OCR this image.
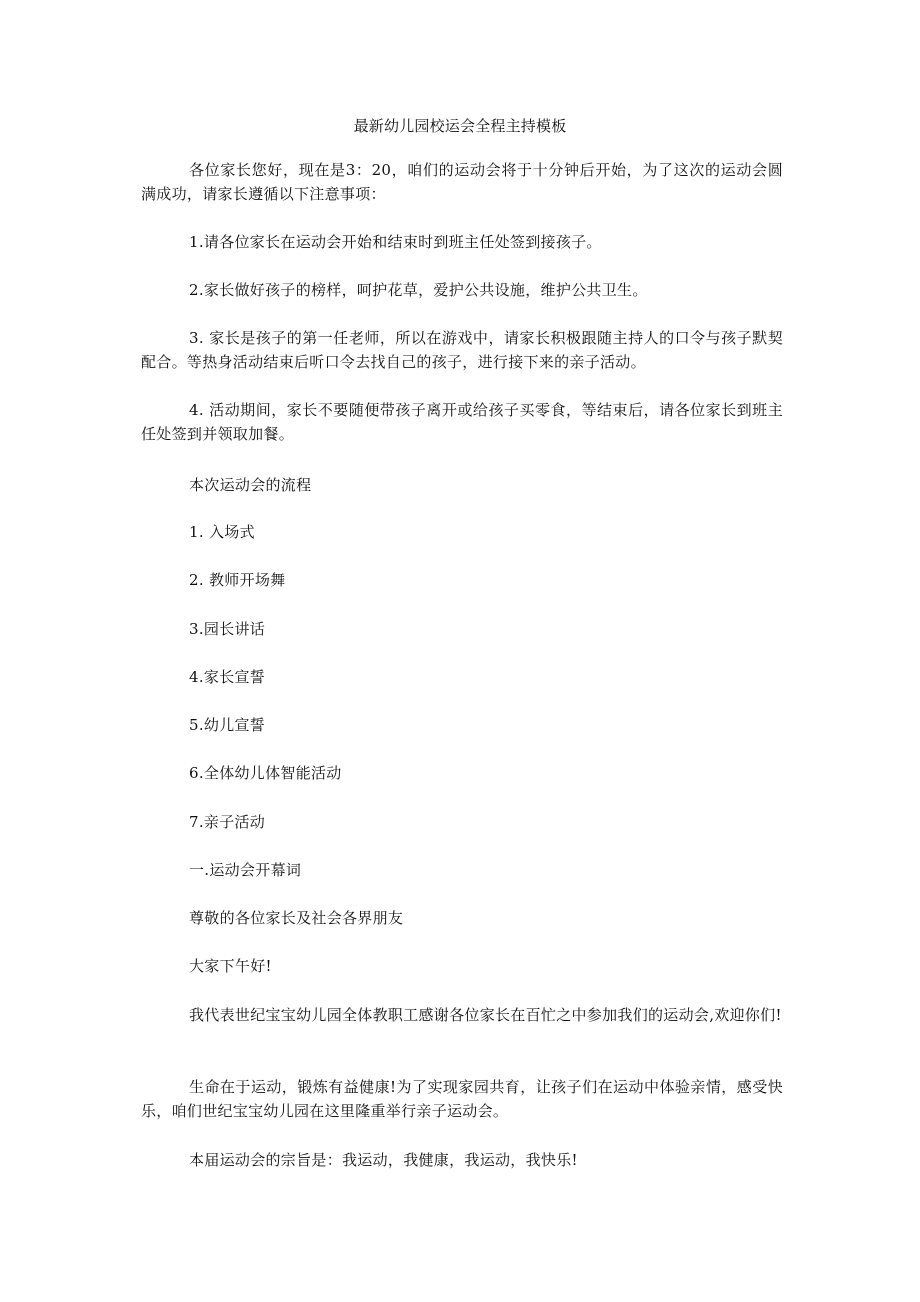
最新幼儿园校运会全程主持模板

各位家长您好，现在是3：20，咱们的运动会将于十分钟后开始，为了这次的运动会圆满成功，请家长遵循以下注意事项：

1.请各位家长在运动会开始和结束时到班主任处签到接孩子。

2.家长做好孩子的榜样，呵护花草，爱护公共设施，维护公共卫生。

3. 家长是孩子的第一任老师，所以在游戏中，请家长积极跟随主持人的口令与孩子默契配合。等热身活动结束后听口令去找自己的孩子，进行接下来的亲子活动。

4. 活动期间，家长不要随便带孩子离开或给孩子买零食，等结束后，请各位家长到班主任处签到并领取加餐。

本次运动会的流程

1. 入场式

2. 教师开场舞

3.园长讲话

4.家长宣誓

5.幼儿宣誓

6.全体幼儿体智能活动

7.亲子活动

一.运动会开幕词

尊敬的各位家长及社会各界朋友

大家下午好!

我代表世纪宝宝幼儿园全体教职工感谢各位家长在百忙之中参加我们的运动会,欢迎你们!

生命在于运动，锻炼有益健康!为了实现家园共育，让孩子们在运动中体验亲情，感受快乐，咱们世纪宝宝幼儿园在这里隆重举行亲子运动会。

本届运动会的宗旨是：我运动，我健康，我运动，我快乐!
